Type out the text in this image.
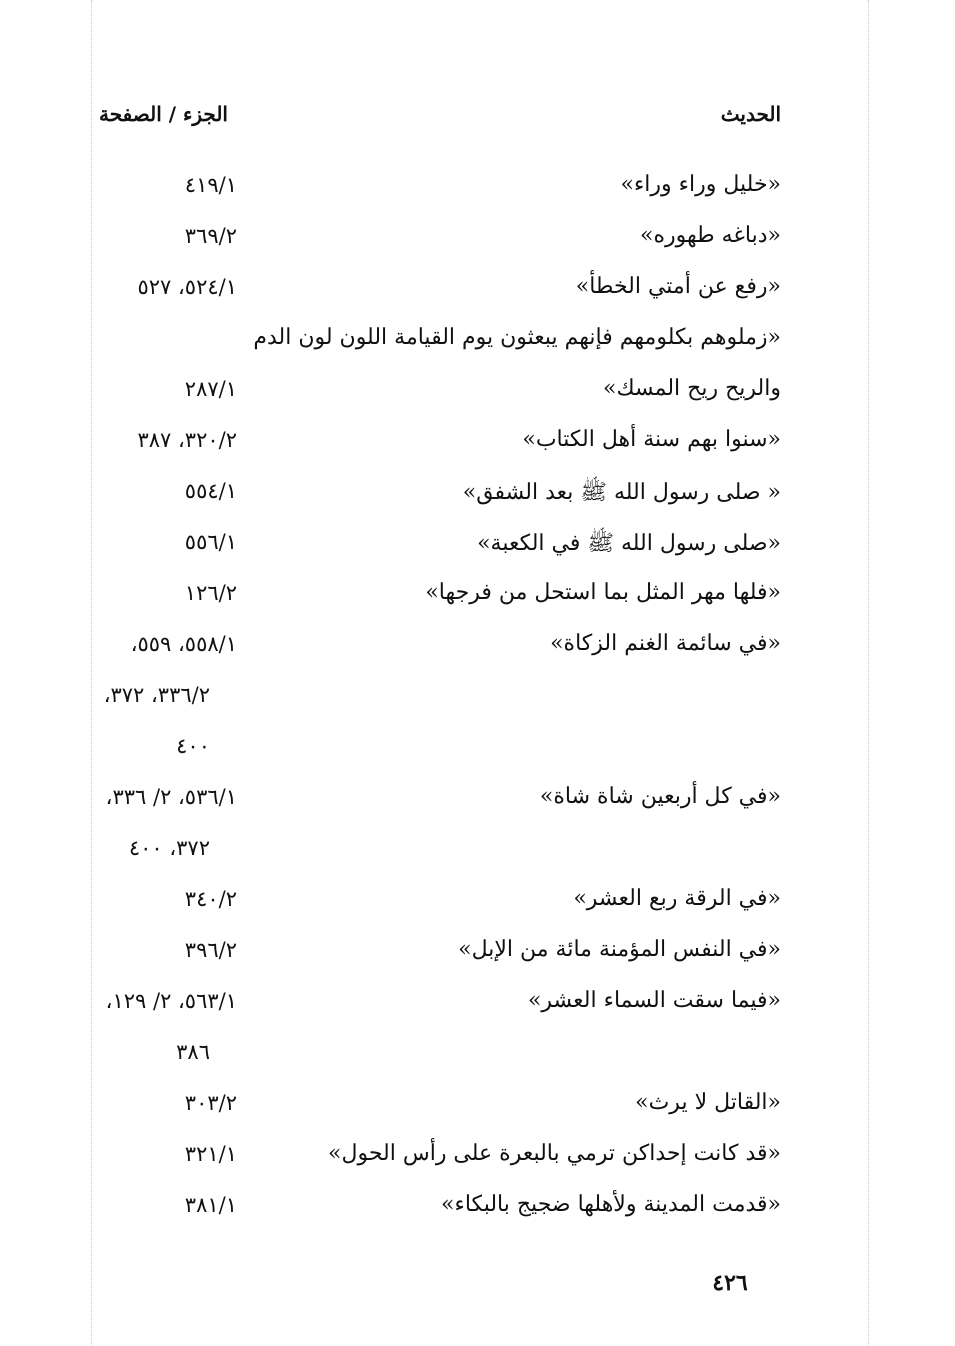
الحديث
الجزء / الصفحة
«خليل وراء وراء»
٤١٩/١
«دباغه طهوره»
٣٦٩/٢
«رفع عن أمتي الخطأ»
٥٢٤/١، ٥٢٧
«زملوهم بكلومهم فإنهم يبعثون يوم القيامة اللون لون الدم
والريح ريح المسك»
٢٨٧/١
«سنوا بهم سنة أهل الكتاب»
٣٢٠/٢، ٣٨٧
« صلى رسول الله ﷺ بعد الشفق»
٥٥٤/١
«صلى رسول الله ﷺ في الكعبة»
٥٥٦/١
«فلها مهر المثل بما استحل من فرجها»
١٢٦/٢
«في سائمة الغنم الزكاة»
٥٥٨/١، ٥٥٩،
٣٣٦/٢، ٣٧٢،
٤٠٠
«في كل أربعين شاة شاة»
٥٣٦/١، ٢/ ٣٣٦،
٣٧٢، ٤٠٠
«في الرقة ربع العشر»
٣٤٠/٢
«في النفس المؤمنة مائة من الإبل»
٣٩٦/٢
«فيما سقت السماء العشر»
٥٦٣/١، ٢/ ١٢٩،
٣٨٦
«القاتل لا يرث»
٣٠٣/٢
«قد كانت إحداكن ترمي بالبعرة على رأس الحول»
٣٢١/١
«قدمت المدينة ولأهلها ضجيج بالبكاء»
٣٨١/١
٤٢٦
